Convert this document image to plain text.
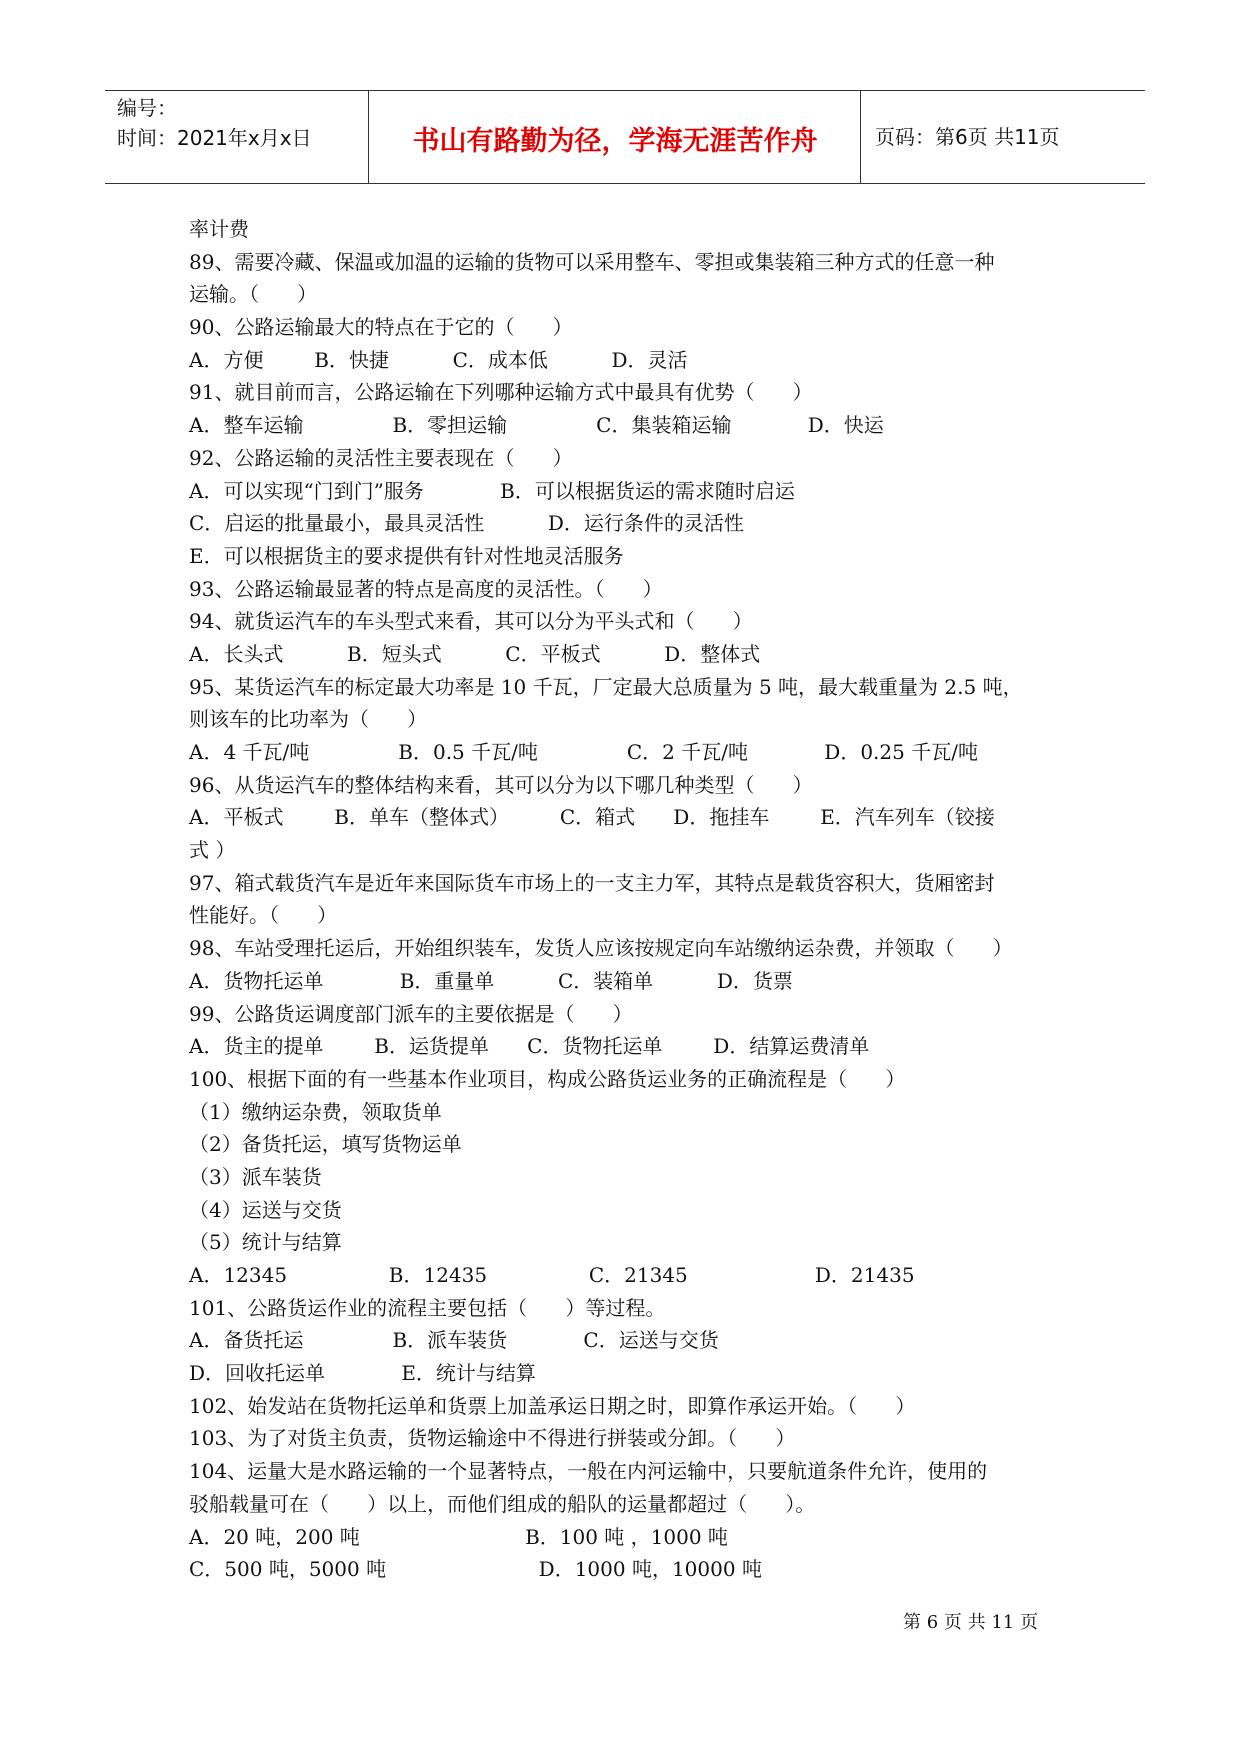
编号：
时间：2021年x月x日	书山有路勤为径，学海无涯苦作舟	页码：第6页 共11页
率计费
89、需要冷藏、保温或加温的运输的货物可以采用整车、零担或集装箱三种方式的任意一种
运输。（      ）
90、公路运输最大的特点在于它的（      ）
A．方便        B．快捷          C．成本低          D．灵活
91、就目前而言，公路运输在下列哪种运输方式中最具有优势（      ）
A．整车运输              B．零担运输              C．集装箱运输            D．快运
92、公路运输的灵活性主要表现在（      ）
A．可以实现“门到门”服务            B．可以根据货运的需求随时启运
C．启运的批量最小，最具灵活性          D．运行条件的灵活性
E．可以根据货主的要求提供有针对性地灵活服务
93、公路运输最显著的特点是高度的灵活性。（      ）
94、就货运汽车的车头型式来看，其可以分为平头式和（      ）
A．长头式          B．短头式          C．平板式          D．整体式
95、某货运汽车的标定最大功率是 10 千瓦，厂定最大总质量为 5 吨，最大载重量为 2.5 吨，
则该车的比功率为（      ）
A．4 千瓦/吨              B．0.5 千瓦/吨              C．2 千瓦/吨            D．0.25 千瓦/吨
96、从货运汽车的整体结构来看，其可以分为以下哪几种类型（      ）
A．平板式        B．单车（整体式）        C．箱式      D．拖挂车        E．汽车列车（铰接
式 ）
97、箱式载货汽车是近年来国际货车市场上的一支主力军，其特点是载货容积大，货厢密封
性能好。（      ）
98、车站受理托运后，开始组织装车，发货人应该按规定向车站缴纳运杂费，并领取（      ）
A．货物托运单            B．重量单          C．装箱单          D．货票
99、公路货运调度部门派车的主要依据是（      ）
A．货主的提单        B．运货提单      C．货物托运单        D．结算运费清单
100、根据下面的有一些基本作业项目，构成公路货运业务的正确流程是（      ）
（1）缴纳运杂费，领取货单
（2）备货托运，填写货物运单
（3）派车装货
（4）运送与交货
（5）统计与结算
A．12345                B．12435                C．21345                    D．21435
101、公路货运作业的流程主要包括（      ）等过程。
A．备货托运              B．派车装货            C．运送与交货
D．回收托运单            E．统计与结算
102、始发站在货物托运单和货票上加盖承运日期之时，即算作承运开始。（      ）
103、为了对货主负责，货物运输途中不得进行拼装或分卸。（      ）
104、运量大是水路运输的一个显著特点，一般在内河运输中，只要航道条件允许，使用的
驳船载量可在（      ）以上，而他们组成的船队的运量都超过（      ）。
A．20 吨，200 吨                          B．100 吨 ，1000 吨
C．500 吨，5000 吨                        D．1000 吨，10000 吨
第 6 页 共 11 页
